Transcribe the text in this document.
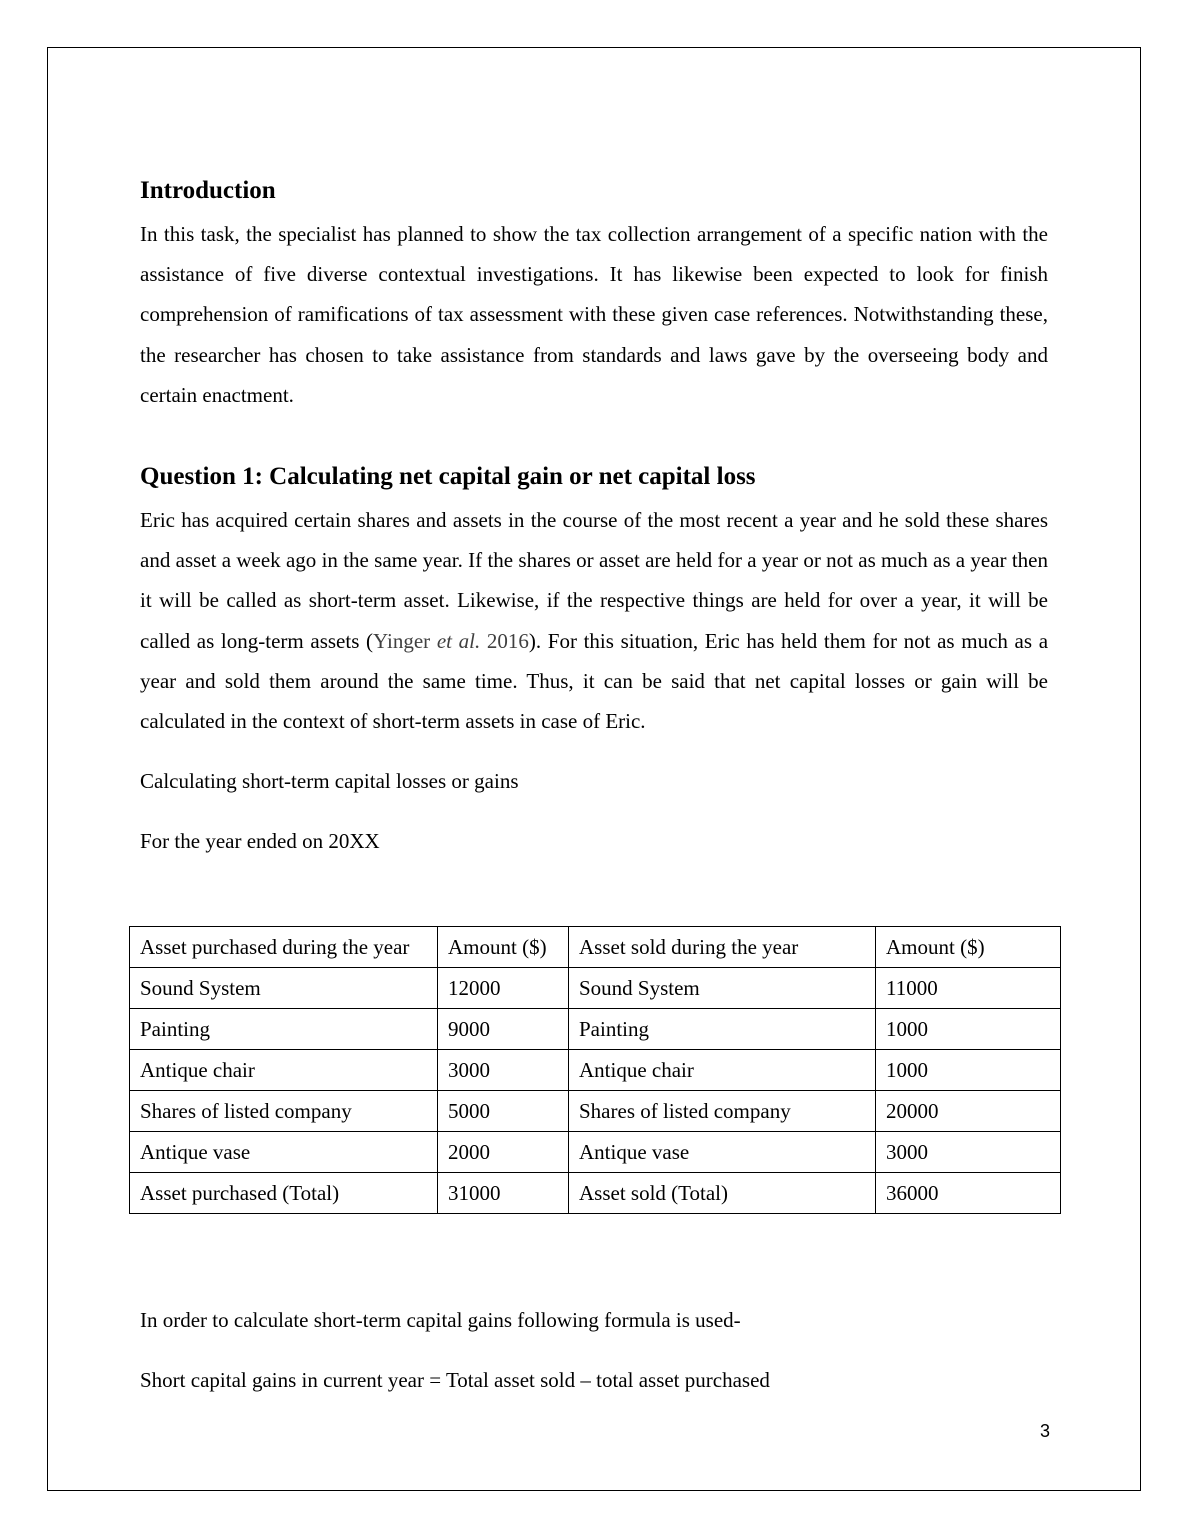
Introduction

In this task, the specialist has planned to show the tax collection arrangement of a specific nation with the assistance of five diverse contextual investigations. It has likewise been expected to look for finish comprehension of ramifications of tax assessment with these given case references. Notwithstanding these, the researcher has chosen to take assistance from standards and laws gave by the overseeing body and certain enactment.

Question 1: Calculating net capital gain or net capital loss

Eric has acquired certain shares and assets in the course of the most recent a year and he sold these shares and asset a week ago in the same year. If the shares or asset are held for a year or not as much as a year then it will be called as short-term asset. Likewise, if the respective things are held for over a year, it will be called as long-term assets (Yinger et al. 2016). For this situation, Eric has held them for not as much as a year and sold them around the same time. Thus, it can be said that net capital losses or gain will be calculated in the context of short-term assets in case of Eric.

Calculating short-term capital losses or gains

For the year ended on 20XX

Asset purchased during the year	Amount ($)	Asset sold during the year	Amount ($)
Sound System	12000	Sound System	11000
Painting	9000	Painting	1000
Antique chair	3000	Antique chair	1000
Shares of listed company	5000	Shares of listed company	20000
Antique vase	2000	Antique vase	3000
Asset purchased (Total)	31000	Asset sold (Total)	36000

In order to calculate short-term capital gains following formula is used-

Short capital gains in current year = Total asset sold – total asset purchased

3
